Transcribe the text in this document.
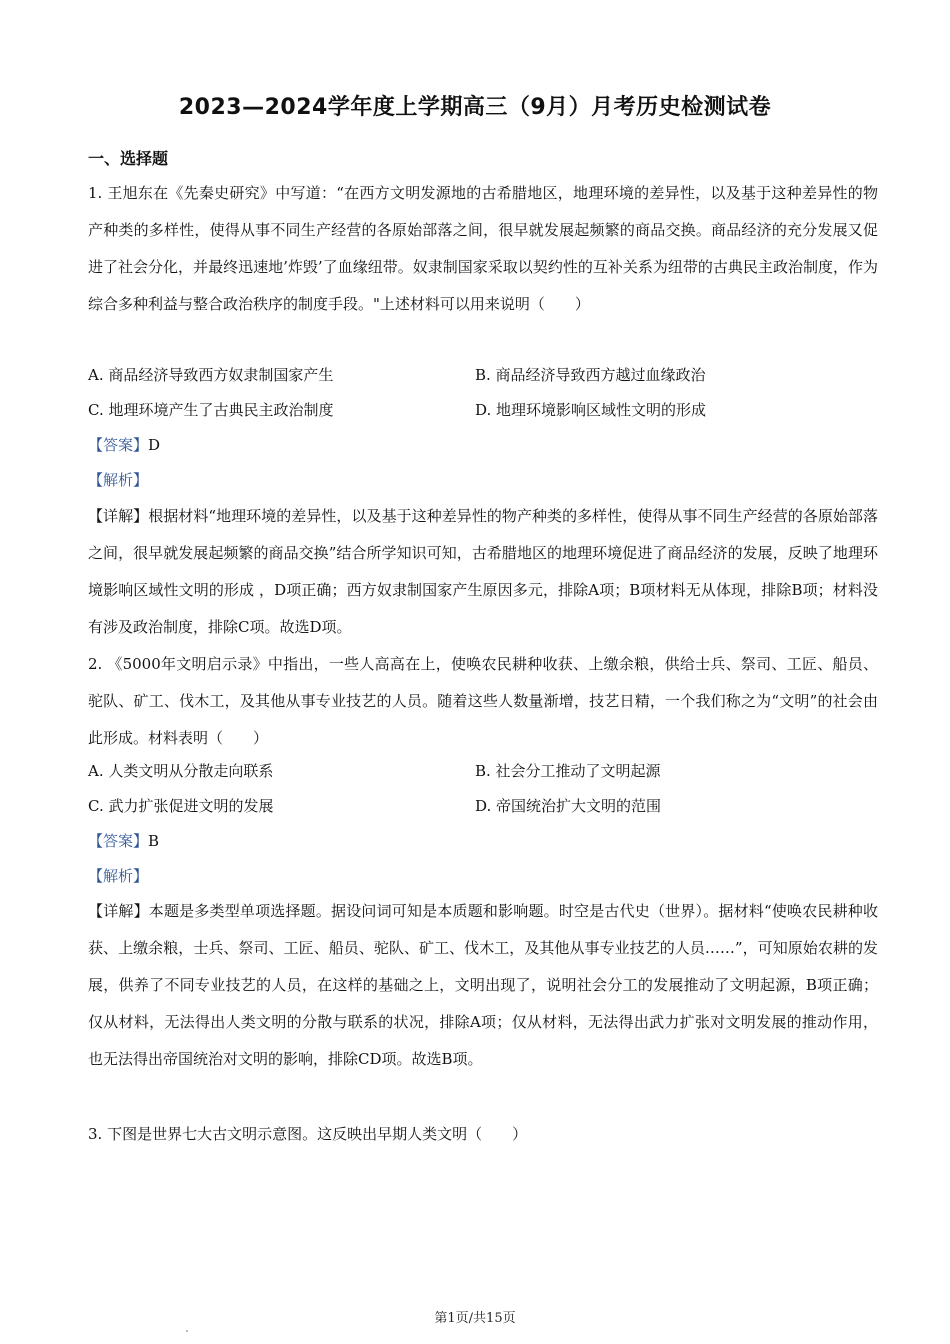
2023—2024学年度上学期高三（9月）月考历史检测试卷
一、选择题
1. 王旭东在《先秦史研究》中写道：“在西方文明发源地的古希腊地区，地理环境的差异性，以及基于这种差异性的物产种类的多样性，使得从事不同生产经营的各原始部落之间，很早就发展起频繁的商品交换。商品经济的充分发展又促进了社会分化，并最终迅速地’炸毁’了血缘纽带。奴隶制国家采取以契约性的互补关系为纽带的古典民主政治制度，作为综合多种利益与整合政治秩序的制度手段。"上述材料可以用来说明（　　）
A. 商品经济导致西方奴隶制国家产生	B. 商品经济导致西方越过血缘政治
C. 地理环境产生了古典民主政治制度	D. 地理环境影响区域性文明的形成
【答案】D
【解析】
【详解】根据材料“地理环境的差异性，以及基于这种差异性的物产种类的多样性，使得从事不同生产经营的各原始部落之间，很早就发展起频繁的商品交换”结合所学知识可知，古希腊地区的地理环境促进了商品经济的发展，反映了地理环境影响区域性文明的形成 ，D项正确；西方奴隶制国家产生原因多元，排除A项；B项材料无从体现，排除B项；材料没有涉及政治制度，排除C项。故选D项。
2. 《5000年文明启示录》中指出，一些人高高在上，使唤农民耕种收获、上缴余粮，供给士兵、祭司、工匠、船员、驼队、矿工、伐木工，及其他从事专业技艺的人员。随着这些人数量渐增，技艺日精，一个我们称之为“文明”的社会由此形成。材料表明（　　）
A. 人类文明从分散走向联系	B. 社会分工推动了文明起源
C. 武力扩张促进文明的发展	D. 帝国统治扩大文明的范围
【答案】B
【解析】
【详解】本题是多类型单项选择题。据设问词可知是本质题和影响题。时空是古代史（世界）。据材料“使唤农民耕种收获、上缴余粮，士兵、祭司、工匠、船员、驼队、矿工、伐木工，及其他从事专业技艺的人员……”，可知原始农耕的发展，供养了不同专业技艺的人员，在这样的基础之上，文明出现了，说明社会分工的发展推动了文明起源，B项正确；仅从材料，无法得出人类文明的分散与联系的状况，排除A项；仅从材料，无法得出武力扩张对文明发展的推动作用，也无法得出帝国统治对文明的影响，排除CD项。故选B项。
3. 下图是世界七大古文明示意图。这反映出早期人类文明（　　）
第1页/共15页
